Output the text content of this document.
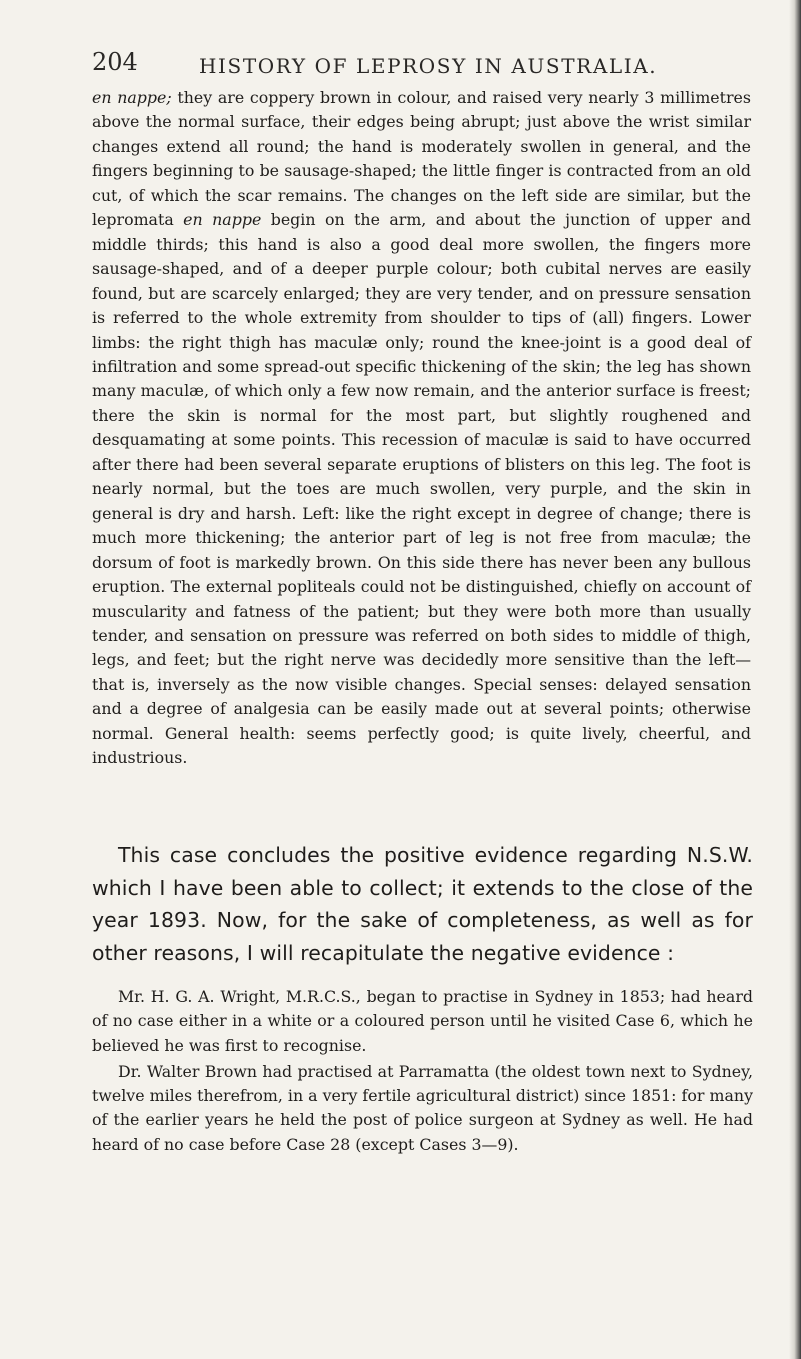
204	HISTORY OF LEPROSY IN AUSTRALIA.

en nappe; they are coppery brown in colour, and raised very nearly 3 millimetres above the normal surface, their edges being abrupt; just above the wrist similar changes extend all round; the hand is moderately swollen in general, and the fingers beginning to be sausage-shaped; the little finger is contracted from an old cut, of which the scar remains. The changes on the left side are similar, but the lepromata en nappe begin on the arm, and about the junction of upper and middle thirds; this hand is also a good deal more swollen, the fingers more sausage-shaped, and of a deeper purple colour; both cubital nerves are easily found, but are scarcely enlarged; they are very tender, and on pressure sensation is referred to the whole extremity from shoulder to tips of (all) fingers. Lower limbs: the right thigh has maculæ only; round the knee-joint is a good deal of infiltration and some spread-out specific thickening of the skin; the leg has shown many maculæ, of which only a few now remain, and the anterior surface is freest; there the skin is normal for the most part, but slightly roughened and desquamating at some points. This recession of maculæ is said to have occurred after there had been several separate eruptions of blisters on this leg. The foot is nearly normal, but the toes are much swollen, very purple, and the skin in general is dry and harsh. Left: like the right except in degree of change; there is much more thickening; the anterior part of leg is not free from maculæ; the dorsum of foot is markedly brown. On this side there has never been any bullous eruption. The external popliteals could not be distinguished, chiefly on account of muscularity and fatness of the patient; but they were both more than usually tender, and sensation on pressure was referred on both sides to middle of thigh, legs, and feet; but the right nerve was decidedly more sensitive than the left—that is, inversely as the now visible changes. Special senses: delayed sensation and a degree of analgesia can be easily made out at several points; otherwise normal. General health: seems perfectly good; is quite lively, cheerful, and industrious.

This case concludes the positive evidence regarding N.S.W. which I have been able to collect; it extends to the close of the year 1893. Now, for the sake of completeness, as well as for other reasons, I will recapitulate the negative evidence :

Mr. H. G. A. Wright, M.R.C.S., began to practise in Sydney in 1853; had heard of no case either in a white or a coloured person until he visited Case 6, which he believed he was first to recognise.

Dr. Walter Brown had practised at Parramatta (the oldest town next to Sydney, twelve miles therefrom, in a very fertile agricultural district) since 1851: for many of the earlier years he held the post of police surgeon at Sydney as well. He had heard of no case before Case 28 (except Cases 3—9).
